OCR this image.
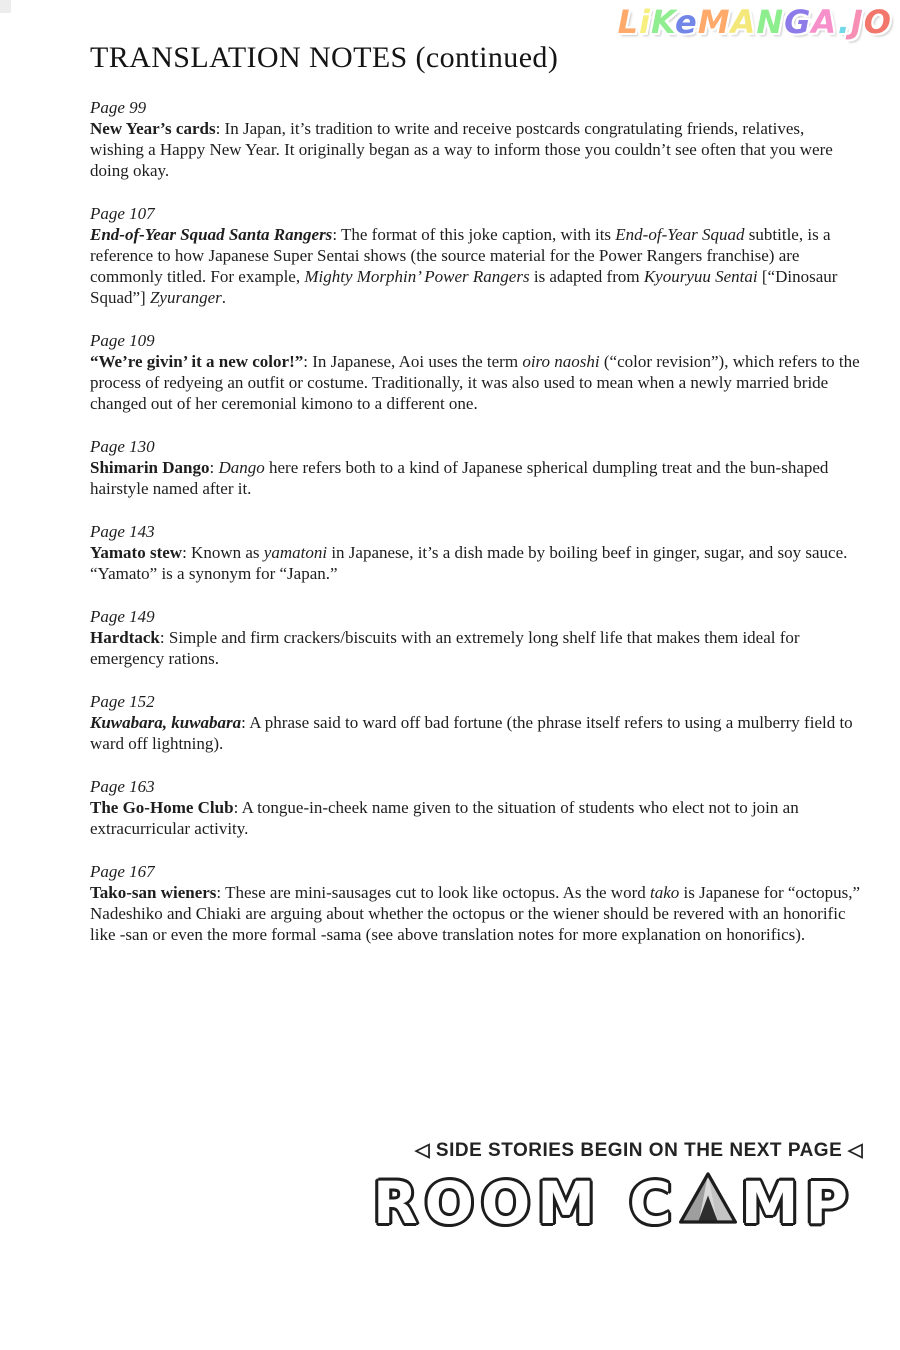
LiKeMANGA.JO
TRANSLATION NOTES (continued)
Page 99

New Year’s cards: In Japan, it’s tradition to write and receive postcards congratulating friends, relatives, wishing a Happy New Year. It originally began as a way to inform those you couldn’t see often that you were doing okay.

Page 107

End-of-Year Squad Santa Rangers: The format of this joke caption, with its End-of-Year Squad subtitle, is a reference to how Japanese Super Sentai shows (the source material for the Power Rangers franchise) are commonly titled. For example, Mighty Morphin’ Power Rangers is adapted from Kyouryuu Sentai [“Dinosaur Squad”] Zyuranger.

Page 109

“We’re givin’ it a new color!”: In Japanese, Aoi uses the term oiro naoshi (“color revision”), which refers to the process of redyeing an outfit or costume. Traditionally, it was also used to mean when a newly married bride changed out of her ceremonial kimono to a different one.

Page 130

Shimarin Dango: Dango here refers both to a kind of Japanese spherical dumpling treat and the bun-shaped hairstyle named after it.

Page 143

Yamato stew: Known as yamatoni in Japanese, it’s a dish made by boiling beef in ginger, sugar, and soy sauce. “Yamato” is a synonym for “Japan.”

Page 149

Hardtack: Simple and firm crackers/biscuits with an extremely long shelf life that makes them ideal for emergency rations.

Page 152

Kuwabara, kuwabara: A phrase said to ward off bad fortune (the phrase itself refers to using a mulberry field to ward off lightning).

Page 163

The Go-Home Club: A tongue-in-cheek name given to the situation of students who elect not to join an extracurricular activity.

Page 167

Tako-san wieners: These are mini-sausages cut to look like octopus. As the word tako is Japanese for “octopus,” Nadeshiko and Chiaki are arguing about whether the octopus or the wiener should be revered with an honorific like -san or even the more formal -sama (see above translation notes for more explanation on honorifics).

◁ SIDE STORIES BEGIN ON THE NEXT PAGE ◁
ROOM C MP
